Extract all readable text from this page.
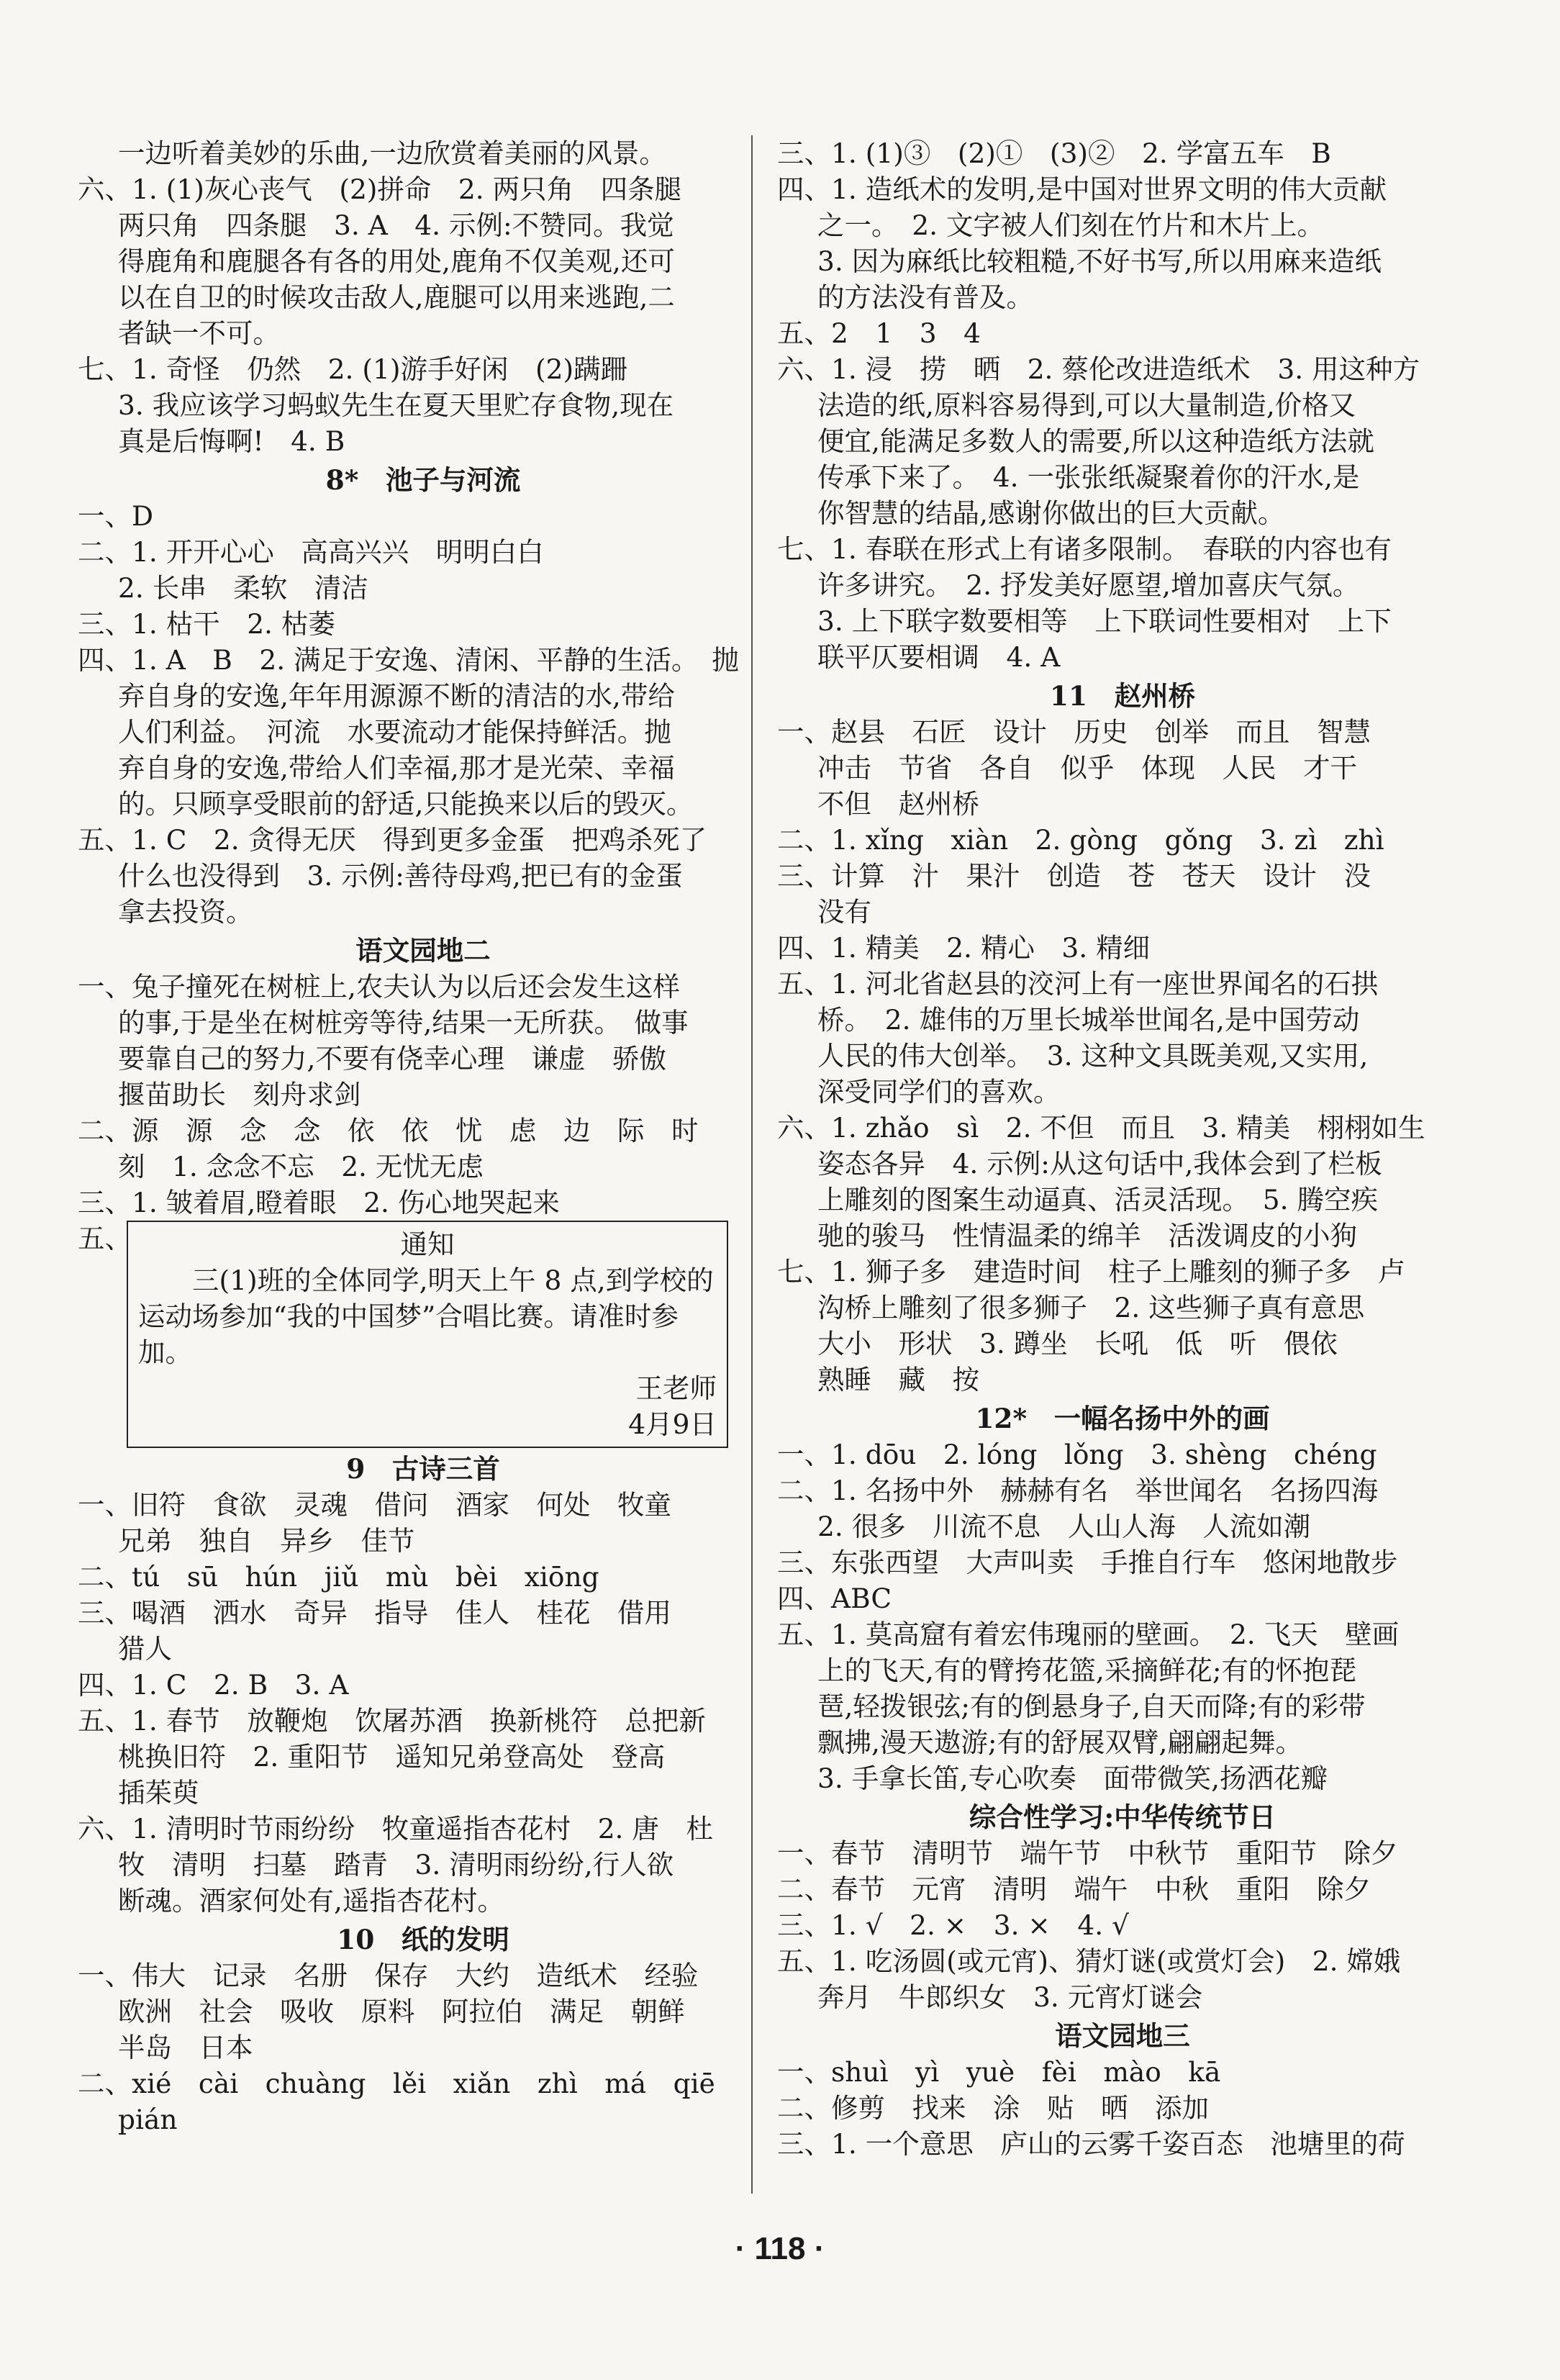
一边听着美妙的乐曲,一边欣赏着美丽的风景。
六、1. (1)灰心丧气　(2)拼命　2. 两只角　四条腿
两只角　四条腿　3. A　4. 示例:不赞同。我觉
得鹿角和鹿腿各有各的用处,鹿角不仅美观,还可
以在自卫的时候攻击敌人,鹿腿可以用来逃跑,二
者缺一不可。
七、1. 奇怪　仍然　2. (1)游手好闲　(2)蹒跚
3. 我应该学习蚂蚁先生在夏天里贮存食物,现在
真是后悔啊!　4. B
8*　池子与河流
一、D
二、1. 开开心心　高高兴兴　明明白白
2. 长串　柔软　清洁
三、1. 枯干　2. 枯萎
四、1. A　B　2. 满足于安逸、清闲、平静的生活。　抛
弃自身的安逸,年年用源源不断的清洁的水,带给
人们利益。　河流　水要流动才能保持鲜活。抛
弃自身的安逸,带给人们幸福,那才是光荣、幸福
的。只顾享受眼前的舒适,只能换来以后的毁灭。
五、1. C　2. 贪得无厌　得到更多金蛋　把鸡杀死了
什么也没得到　3. 示例:善待母鸡,把已有的金蛋
拿去投资。
语文园地二
一、兔子撞死在树桩上,农夫认为以后还会发生这样
的事,于是坐在树桩旁等待,结果一无所获。　做事
要靠自己的努力,不要有侥幸心理　谦虚　骄傲
揠苗助长　刻舟求剑
二、源　源　念　念　依　依　忧　虑　边　际　时
刻　1. 念念不忘　2. 无忧无虑
三、1. 皱着眉,瞪着眼　2. 伤心地哭起来
五、	通知
　　三(1)班的全体同学,明天上午 8 点,到学校的运动场参加“我的中国梦”合唱比赛。请准时参加。
王老师
4月9日
9　古诗三首
一、旧符　食欲　灵魂　借问　酒家　何处　牧童
兄弟　独自　异乡　佳节
二、tú　sū　hún　jiǔ　mù　bèi　xiōng
三、喝酒　洒水　奇异　指导　佳人　桂花　借用
猎人
四、1. C　2. B　3. A
五、1. 春节　放鞭炮　饮屠苏酒　换新桃符　总把新
桃换旧符　2. 重阳节　遥知兄弟登高处　登高
插茱萸
六、1. 清明时节雨纷纷　牧童遥指杏花村　2. 唐　杜
牧　清明　扫墓　踏青　3. 清明雨纷纷,行人欲
断魂。酒家何处有,遥指杏花村。
10　纸的发明
一、伟大　记录　名册　保存　大约　造纸术　经验
欧洲　社会　吸收　原料　阿拉伯　满足　朝鲜
半岛　日本
二、xié　cài　chuàng　lěi　xiǎn　zhì　má　qiē
pián
三、1. (1)③　(2)①　(3)②　2. 学富五车　B
四、1. 造纸术的发明,是中国对世界文明的伟大贡献
之一。　2. 文字被人们刻在竹片和木片上。
3. 因为麻纸比较粗糙,不好书写,所以用麻来造纸
的方法没有普及。
五、2　1　3　4
六、1. 浸　捞　晒　2. 蔡伦改进造纸术　3. 用这种方
法造的纸,原料容易得到,可以大量制造,价格又
便宜,能满足多数人的需要,所以这种造纸方法就
传承下来了。　4. 一张张纸凝聚着你的汗水,是
你智慧的结晶,感谢你做出的巨大贡献。
七、1. 春联在形式上有诸多限制。　春联的内容也有
许多讲究。　2. 抒发美好愿望,增加喜庆气氛。
3. 上下联字数要相等　上下联词性要相对　上下
联平仄要相调　4. A
11　赵州桥
一、赵县　石匠　设计　历史　创举　而且　智慧
冲击　节省　各自　似乎　体现　人民　才干
不但　赵州桥
二、1. xǐng　xiàn　2. gòng　gǒng　3. zì　zhì
三、计算　汁　果汁　创造　苍　苍天　设计　没
没有
四、1. 精美　2. 精心　3. 精细
五、1. 河北省赵县的洨河上有一座世界闻名的石拱
桥。　2. 雄伟的万里长城举世闻名,是中国劳动
人民的伟大创举。　3. 这种文具既美观,又实用,
深受同学们的喜欢。
六、1. zhǎo　sì　2. 不但　而且　3. 精美　栩栩如生
姿态各异　4. 示例:从这句话中,我体会到了栏板
上雕刻的图案生动逼真、活灵活现。　5. 腾空疾
驰的骏马　性情温柔的绵羊　活泼调皮的小狗
七、1. 狮子多　建造时间　柱子上雕刻的狮子多　卢
沟桥上雕刻了很多狮子　2. 这些狮子真有意思
大小　形状　3. 蹲坐　长吼　低　听　偎依
熟睡　藏　按
12*　一幅名扬中外的画
一、1. dōu　2. lóng　lǒng　3. shèng　chéng
二、1. 名扬中外　赫赫有名　举世闻名　名扬四海
2. 很多　川流不息　人山人海　人流如潮
三、东张西望　大声叫卖　手推自行车　悠闲地散步
四、ABC
五、1. 莫高窟有着宏伟瑰丽的壁画。　2. 飞天　壁画
上的飞天,有的臂挎花篮,采摘鲜花;有的怀抱琵
琶,轻拨银弦;有的倒悬身子,自天而降;有的彩带
飘拂,漫天遨游;有的舒展双臂,翩翩起舞。
3. 手拿长笛,专心吹奏　面带微笑,扬洒花瓣
综合性学习:中华传统节日
一、春节　清明节　端午节　中秋节　重阳节　除夕
二、春节　元宵　清明　端午　中秋　重阳　除夕
三、1. √　2. ×　3. ×　4. √
五、1. 吃汤圆(或元宵)、猜灯谜(或赏灯会)　2. 嫦娥
奔月　牛郎织女　3. 元宵灯谜会
语文园地三
一、shuì　yì　yuè　fèi　mào　kā
二、修剪　找来　涂　贴　晒　添加
三、1. 一个意思　庐山的云雾千姿百态　池塘里的荷
· 118 ·
